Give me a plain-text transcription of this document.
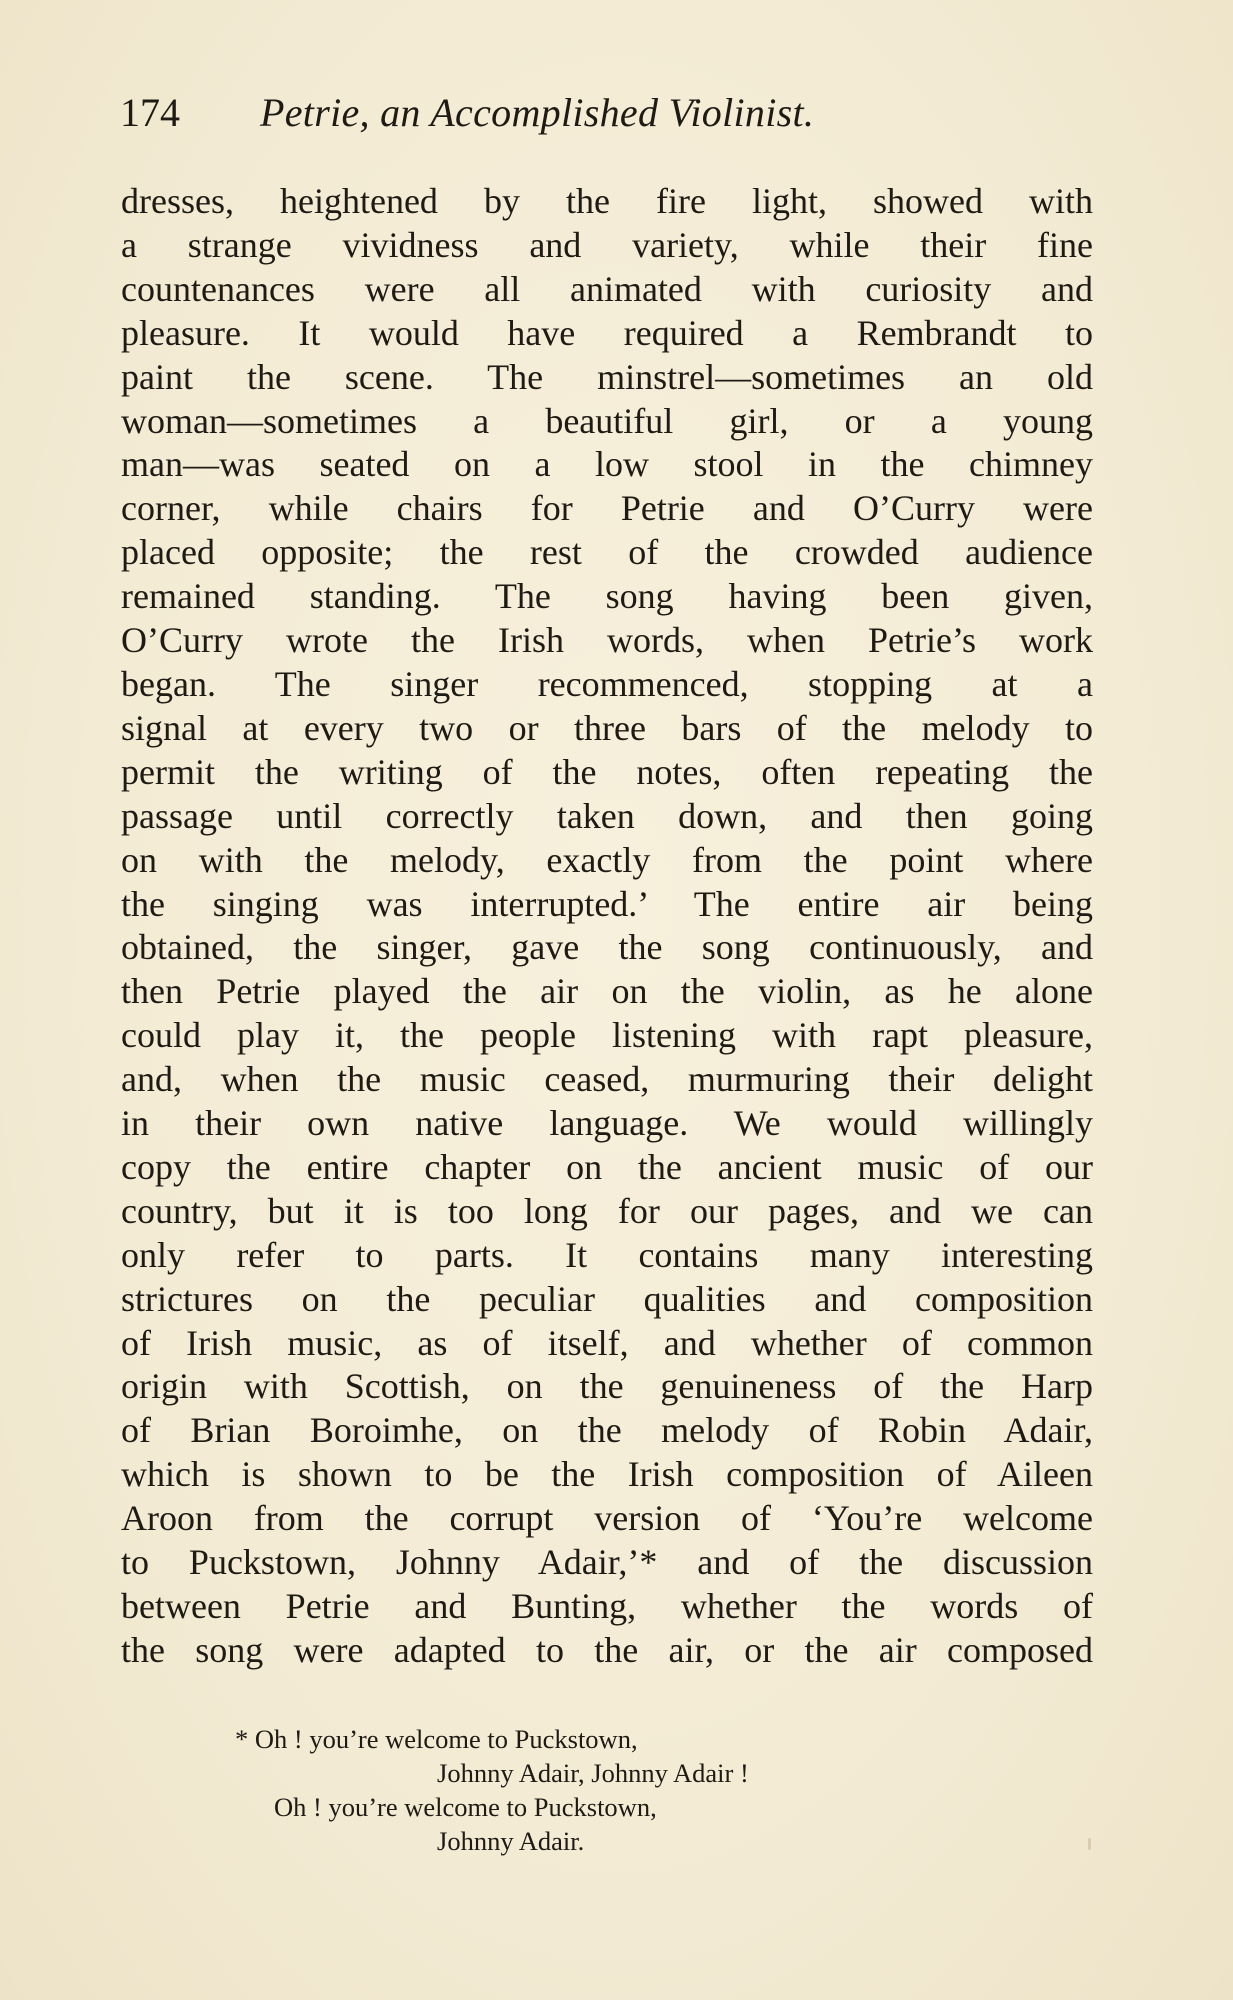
174 Petrie, an Accomplished Violinist.
dresses, heightened by the fire light, showed with
a strange vividness and variety, while their fine
countenances were all animated with curiosity and
pleasure. It would have required a Rembrandt to
paint the scene. The minstrel—sometimes an old
woman—sometimes a beautiful girl, or a young
man—was seated on a low stool in the chimney
corner, while chairs for Petrie and O’Curry were
placed opposite; the rest of the crowded audience
remained standing. The song having been given,
O’Curry wrote the Irish words, when Petrie’s work
began. The singer recommenced, stopping at a
signal at every two or three bars of the melody to
permit the writing of the notes, often repeating the
passage until correctly taken down, and then going
on with the melody, exactly from the point where
the singing was interrupted.’ The entire air being
obtained, the singer, gave the song continuously, and
then Petrie played the air on the violin, as he alone
could play it, the people listening with rapt pleasure,
and, when the music ceased, murmuring their delight
in their own native language. We would willingly
copy the entire chapter on the ancient music of our
country, but it is too long for our pages, and we can
only refer to parts. It contains many interesting
strictures on the peculiar qualities and composition
of Irish music, as of itself, and whether of common
origin with Scottish, on the genuineness of the Harp
of Brian Boroimhe, on the melody of Robin Adair,
which is shown to be the Irish composition of Aileen
Aroon from the corrupt version of ‘You’re welcome
to Puckstown, Johnny Adair,’* and of the discussion
between Petrie and Bunting, whether the words of
the song were adapted to the air, or the air composed
* Oh ! you’re welcome to Puckstown,
Johnny Adair, Johnny Adair !
Oh ! you’re welcome to Puckstown,
Johnny Adair.
